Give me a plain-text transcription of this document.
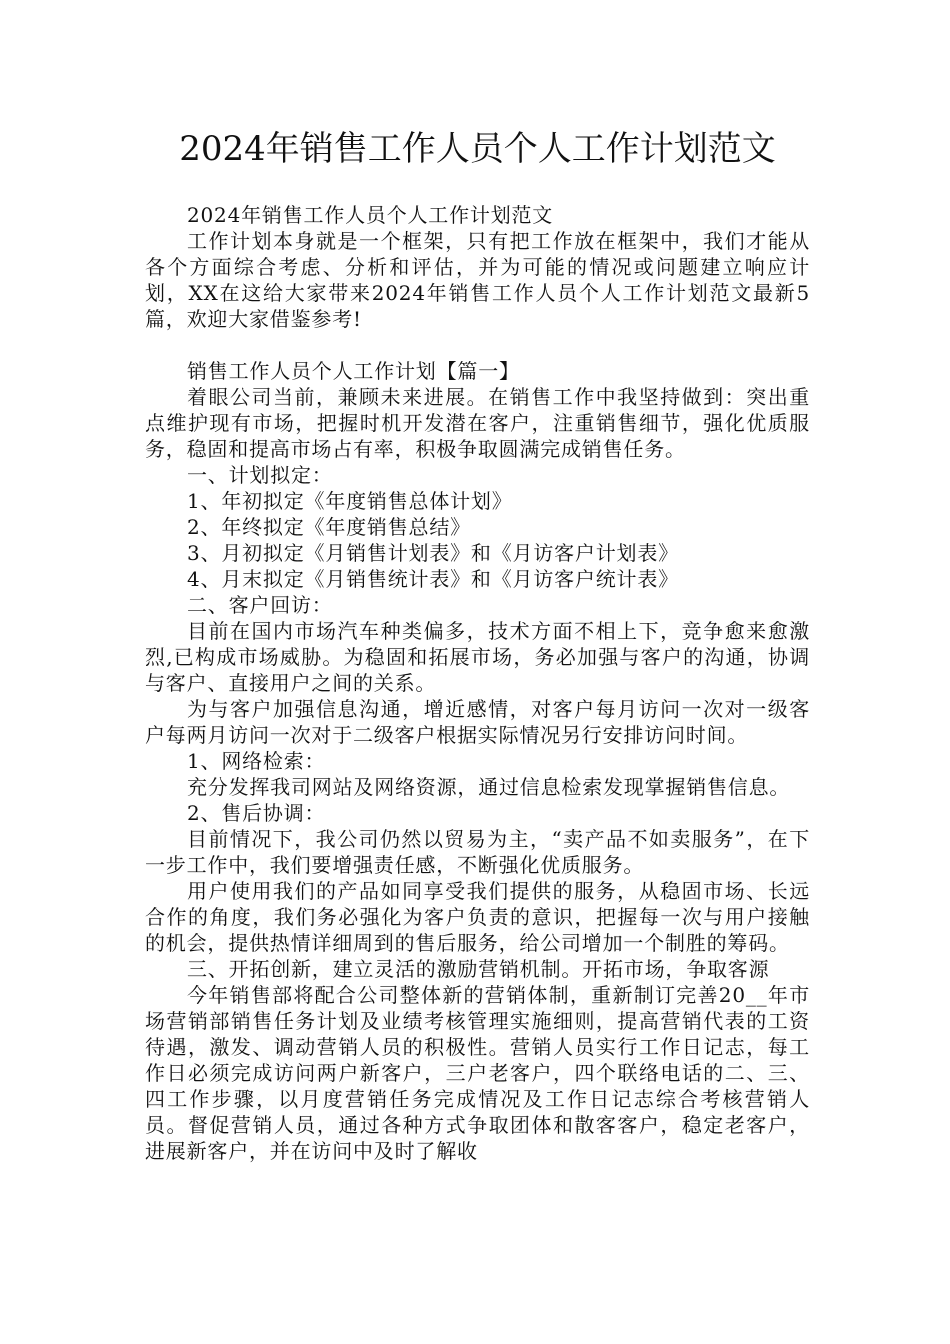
2024年销售工作人员个人工作计划范文

2024年销售工作人员个人工作计划范文

工作计划本身就是一个框架，只有把工作放在框架中，我们才能从各个方面综合考虑、分析和评估，并为可能的情况或问题建立响应计划，XX在这给大家带来2024年销售工作人员个人工作计划范文最新5篇，欢迎大家借鉴参考!

销售工作人员个人工作计划【篇一】

着眼公司当前，兼顾未来进展。在销售工作中我坚持做到：突出重点维护现有市场，把握时机开发潜在客户，注重销售细节，强化优质服务，稳固和提高市场占有率，积极争取圆满完成销售任务。

一、计划拟定：

1、年初拟定《年度销售总体计划》

2、年终拟定《年度销售总结》

3、月初拟定《月销售计划表》和《月访客户计划表》

4、月末拟定《月销售统计表》和《月访客户统计表》

二、客户回访：

目前在国内市场汽车种类偏多，技术方面不相上下，竞争愈来愈激烈,已构成市场威胁。为稳固和拓展市场，务必加强与客户的沟通，协调与客户、直接用户之间的关系。

为与客户加强信息沟通，增近感情，对客户每月访问一次对一级客户每两月访问一次对于二级客户根据实际情况另行安排访问时间。

1、网络检索：

充分发挥我司网站及网络资源，通过信息检索发现掌握销售信息。

2、售后协调：

目前情况下，我公司仍然以贸易为主，“卖产品不如卖服务”，在下一步工作中，我们要增强责任感，不断强化优质服务。

用户使用我们的产品如同享受我们提供的服务，从稳固市场、长远合作的角度，我们务必强化为客户负责的意识，把握每一次与用户接触的机会，提供热情详细周到的售后服务，给公司增加一个制胜的筹码。

三、开拓创新，建立灵活的激励营销机制。开拓市场，争取客源

今年销售部将配合公司整体新的营销体制，重新制订完善20__年市场营销部销售任务计划及业绩考核管理实施细则，提高营销代表的工资待遇，激发、调动营销人员的积极性。营销人员实行工作日记志，每工作日必须完成访问两户新客户，三户老客户，四个联络电话的二、三、四工作步骤，以月度营销任务完成情况及工作日记志综合考核营销人员。督促营销人员，通过各种方式争取团体和散客客户，稳定老客户，进展新客户，并在访问中及时了解收
